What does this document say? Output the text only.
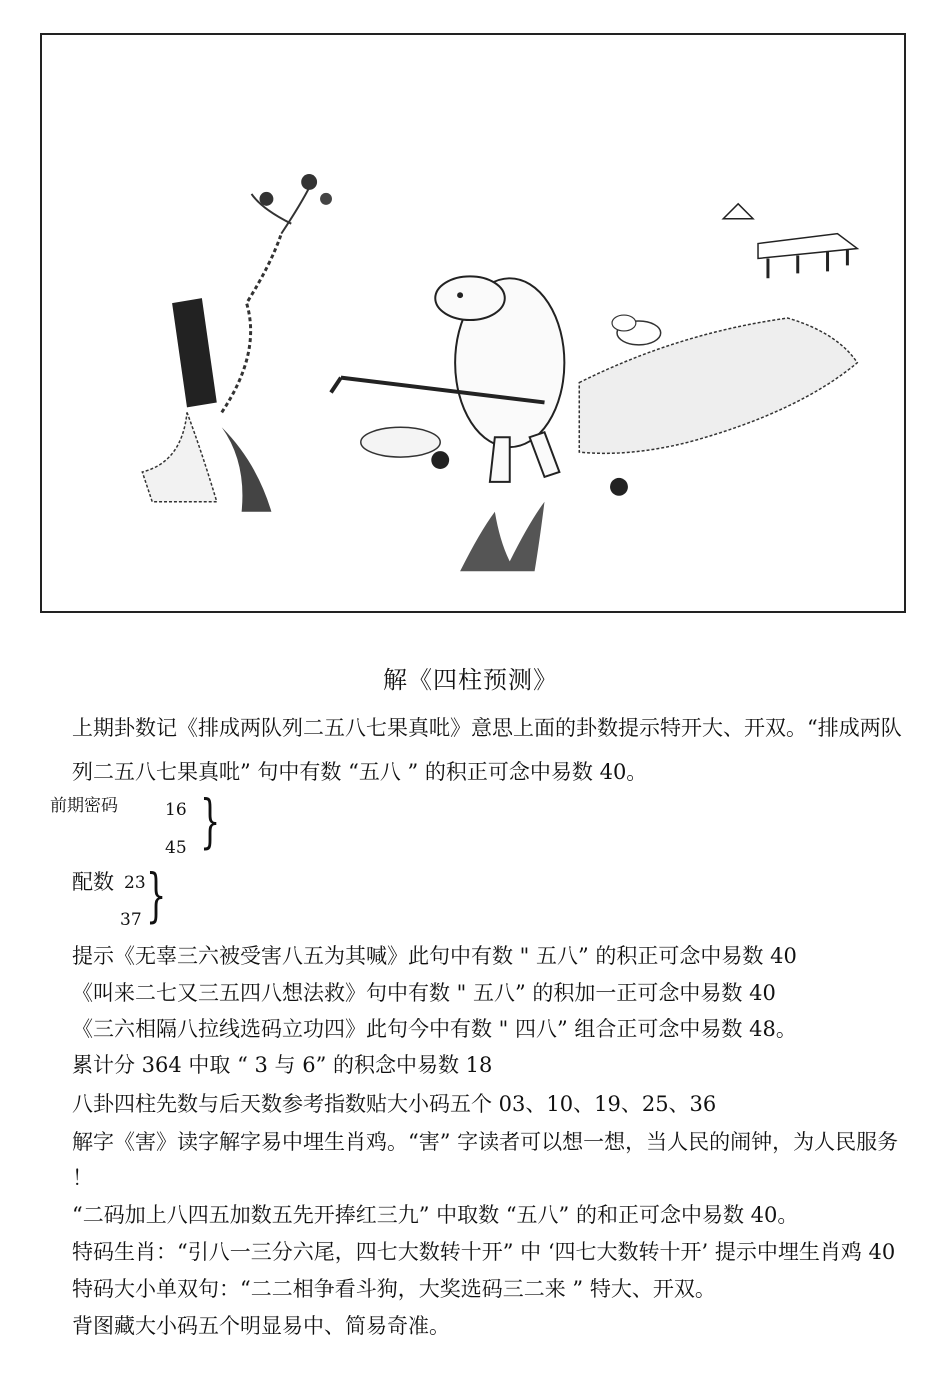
解《四柱预测》
上期卦数记《排成两队列二五八七果真吡》意思上面的卦数提示特开大、开双。“排成两队
列二五八七果真吡” 句中有数 “五八 ” 的积正可念中易数 40。
前期密码	16
45 }
配数 23
37 }
提示《无辜三六被受害八五为其喊》此句中有数 " 五八” 的积正可念中易数 40
《叫来二七又三五四八想法救》句中有数 " 五八” 的积加一正可念中易数 40
《三六相隔八拉线选码立功四》此句今中有数 " 四八” 组合正可念中易数 48。
累计分 364 中取 “ 3 与 6” 的积念中易数 18
八卦四柱先数与后天数参考指数贴大小码五个 03、10、19、25、36
解字《害》读字解字易中埋生肖鸡。“害” 字读者可以想一想，当人民的闹钟，为人民服务
！
“二码加上八四五加数五先开捧红三九” 中取数 “五八” 的和正可念中易数 40。
特码生肖：“引八一三分六尾，四七大数转十开” 中 ‘四七大数转十开’ 提示中埋生肖鸡 40
特码大小单双句：“二二相争看斗狗，大奖选码三二来 ” 特大、开双。
背图藏大小码五个明显易中、简易奇准。
